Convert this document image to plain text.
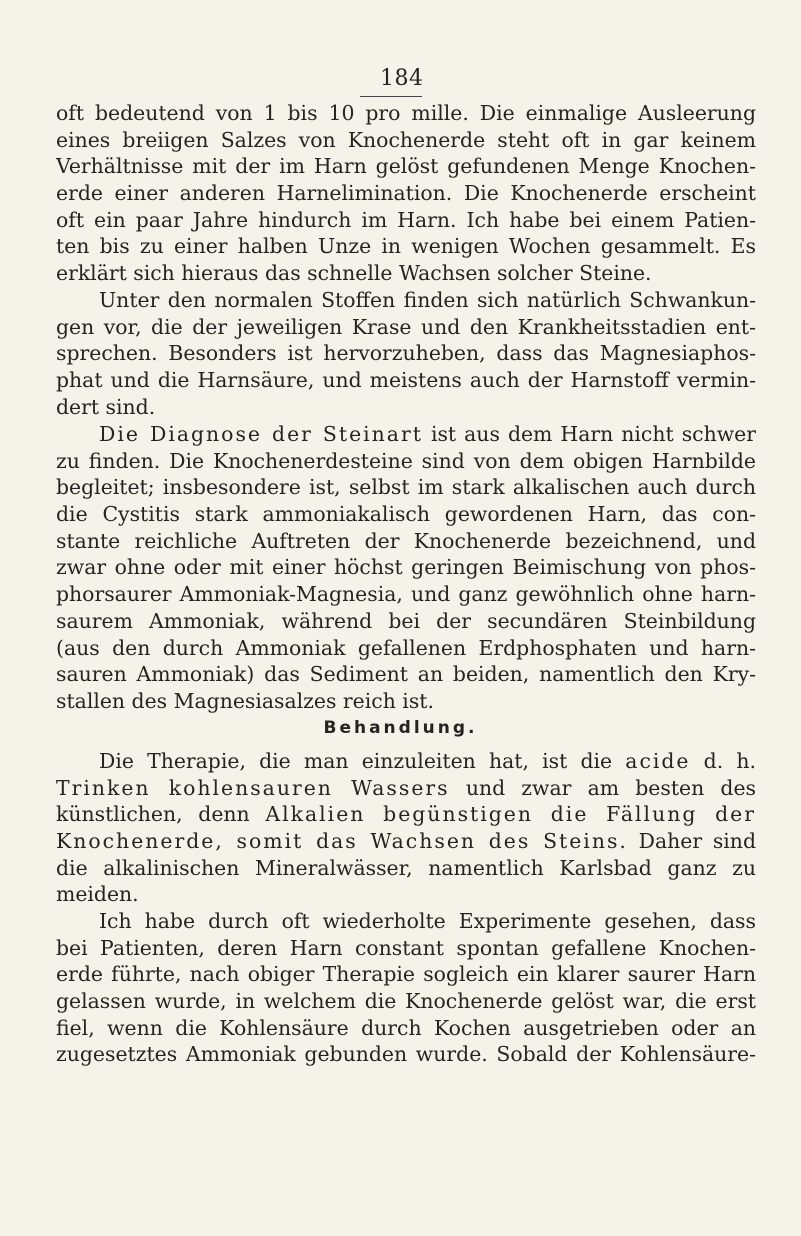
184
oft bedeutend von 1 bis 10 pro mille. Die einmalige Ausleerung
eines breiigen Salzes von Knochenerde steht oft in gar keinem
Verhältnisse mit der im Harn gelöst gefundenen Menge Knochen-
erde einer anderen Harnelimination. Die Knochenerde erscheint
oft ein paar Jahre hindurch im Harn. Ich habe bei einem Patien-
ten bis zu einer halben Unze in wenigen Wochen gesammelt. Es
erklärt sich hieraus das schnelle Wachsen solcher Steine.
Unter den normalen Stoffen finden sich natürlich Schwankun-
gen vor, die der jeweiligen Krase und den Krankheitsstadien ent-
sprechen. Besonders ist hervorzuheben, dass das Magnesiaphos-
phat und die Harnsäure, und meistens auch der Harnstoff vermin-
dert sind.
Die Diagnose der Steinart ist aus dem Harn nicht schwer
zu finden. Die Knochenerdesteine sind von dem obigen Harnbilde
begleitet; insbesondere ist, selbst im stark alkalischen auch durch
die Cystitis stark ammoniakalisch gewordenen Harn, das con-
stante reichliche Auftreten der Knochenerde bezeichnend, und
zwar ohne oder mit einer höchst geringen Beimischung von phos-
phorsaurer Ammoniak-Magnesia, und ganz gewöhnlich ohne harn-
saurem Ammoniak, während bei der secundären Steinbildung
(aus den durch Ammoniak gefallenen Erdphosphaten und harn-
sauren Ammoniak) das Sediment an beiden, namentlich den Kry-
stallen des Magnesiasalzes reich ist.
Behandlung.
Die Therapie, die man einzuleiten hat, ist die acide d. h.
Trinken kohlensauren Wassers und zwar am besten des
künstlichen, denn Alkalien begünstigen die Fällung der
Knochenerde, somit das Wachsen des Steins. Daher sind
die alkalinischen Mineralwässer, namentlich Karlsbad ganz zu
meiden.
Ich habe durch oft wiederholte Experimente gesehen, dass
bei Patienten, deren Harn constant spontan gefallene Knochen-
erde führte, nach obiger Therapie sogleich ein klarer saurer Harn
gelassen wurde, in welchem die Knochenerde gelöst war, die erst
fiel, wenn die Kohlensäure durch Kochen ausgetrieben oder an
zugesetztes Ammoniak gebunden wurde. Sobald der Kohlensäure-
